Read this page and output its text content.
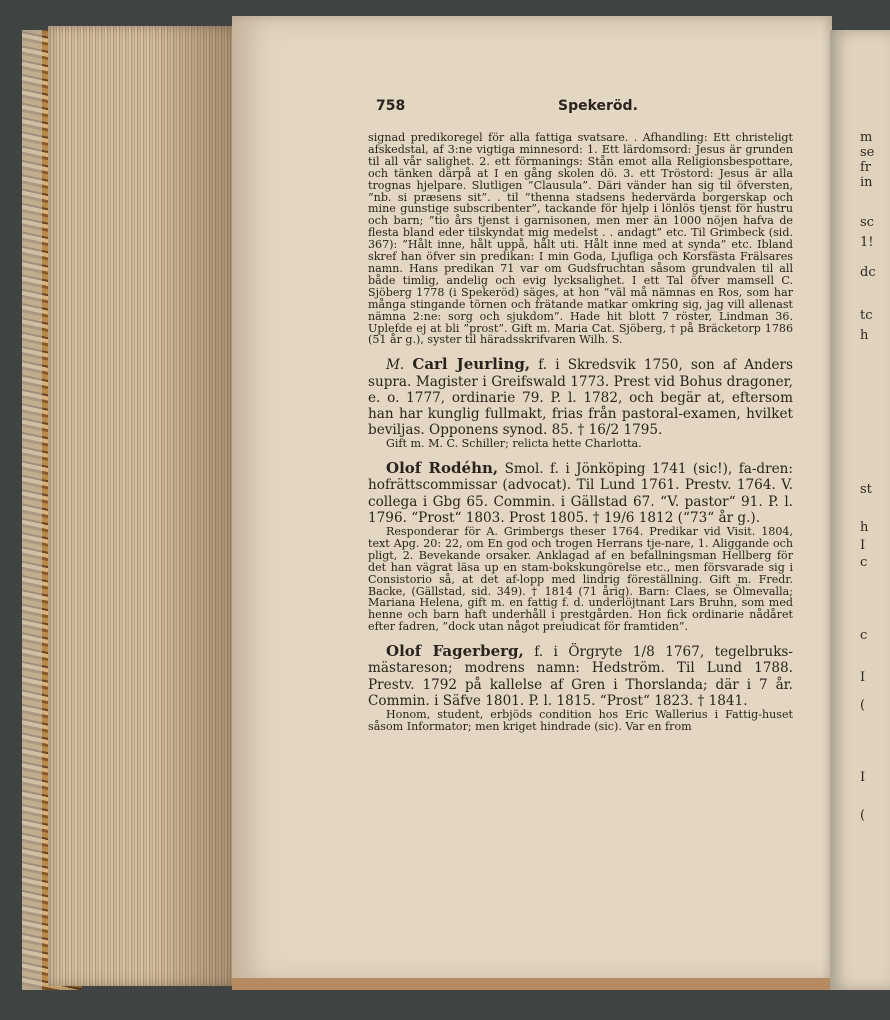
m
se
fr
in
sc
1!
dc
tc
h
st
h
I
c
c
I
(
I
(
758	Spekeröd.

signad predikoregel för alla fattiga svatsare. . Afhandling: Ett christeligt afskedstal, af 3:ne vigtiga minnesord: 1. Ett lärdomsord: Jesus är grunden til all vår salighet. 2. ett förmanings: Stån emot alla Religionsbespottare, och tänken därpå at I en gång skolen dö. 3. ett Tröstord: Jesus är alla trognas hjelpare. Slutligen ”Clausula”. Däri vänder han sig til öfversten, ”nb. si præsens sit”. . til ”thenna stadsens hedervärda borgerskap och mine gunstige subscribenter”, tackande för hjelp i lönlös tjenst för hustru och barn; ”tio års tjenst i garnisonen, men mer än 1000 nöjen hafva de flesta bland eder tilskyndat mig medelst . . andagt” etc. Til Grimbeck (sid. 367): ”Hålt inne, hålt uppå, hålt uti. Hålt inne med at synda” etc. Ibland skref han öfver sin predikan: I min Goda, Ljufliga och Korsfästa Frälsares namn. Hans predikan 71 var om Gudsfruchtan såsom grundvalen til all både timlig, andelig och evig lycksalighet. I ett Tal öfver mamsell C. Sjöberg 1778 (i Spekeröd) säges, at hon ”väl må nämnas en Ros, som har många stingande törnen och frätande matkar omkring sig, jag vill allenast nämna 2:ne: sorg och sjukdom”. Hade hit blott 7 röster, Lindman 36. Uplefde ej at bli ”prost”. Gift m. Maria Cat. Sjöberg, † på Bräcketorp 1786 (51 år g.), syster til häradsskrifvaren Wilh. S.

M. Carl Jeurling, f. i Skredsvik 1750, son af Anders supra. Magister i Greifswald 1773. Prest vid Bohus dragoner, e. o. 1777, ordinarie 79. P. l. 1782, och begär at, eftersom han har kunglig fullmakt, frias från pastoral-examen, hvilket beviljas. Opponens synod. 85. † 16/2 1795.

Gift m. M. C. Schiller; relicta hette Charlotta.

Olof Rodéhn, Smol. f. i Jönköping 1741 (sic!), fa-dren: hofrättscommissar (advocat). Til Lund 1761. Prestv. 1764. V. collega i Gbg 65. Commin. i Gällstad 67. “V. pastor“ 91. P. l. 1796. “Prost“ 1803. Prost 1805. † 19/6 1812 (“73“ år g.).

Responderar för A. Grimbergs theser 1764. Predikar vid Visit. 1804, text Apg. 20: 22, om En god och trogen Herrans tje-nare, 1. Aliggande och pligt, 2. Bevekande orsaker. Anklagad af en befallningsman Hellberg för det han vägrat läsa up en stam-bokskungörelse etc., men försvarade sig i Consistorio så, at det af-lopp med lindrig föreställning. Gift m. Fredr. Backe, (Gällstad, sid. 349). † 1814 (71 årig). Barn: Claes, se Ölmevalla; Mariana Helena, gift m. en fattig f. d. underlöjtnant Lars Bruhn, som med henne och barn haft underhåll i prestgården. Hon fick ordinarie nådåret efter fadren, ”dock utan något preiudicat för framtiden”.

Olof Fagerberg, f. i Örgryte 1/8 1767, tegelbruks-mästareson; modrens namn: Hedström. Til Lund 1788. Prestv. 1792 på kallelse af Gren i Thorslanda; där i 7 år. Commin. i Säfve 1801. P. l. 1815. “Prost“ 1823. † 1841.

Honom, student, erbjöds condition hos Eric Wallerius i Fattig-huset såsom Informator; men kriget hindrade (sic). Var en from
